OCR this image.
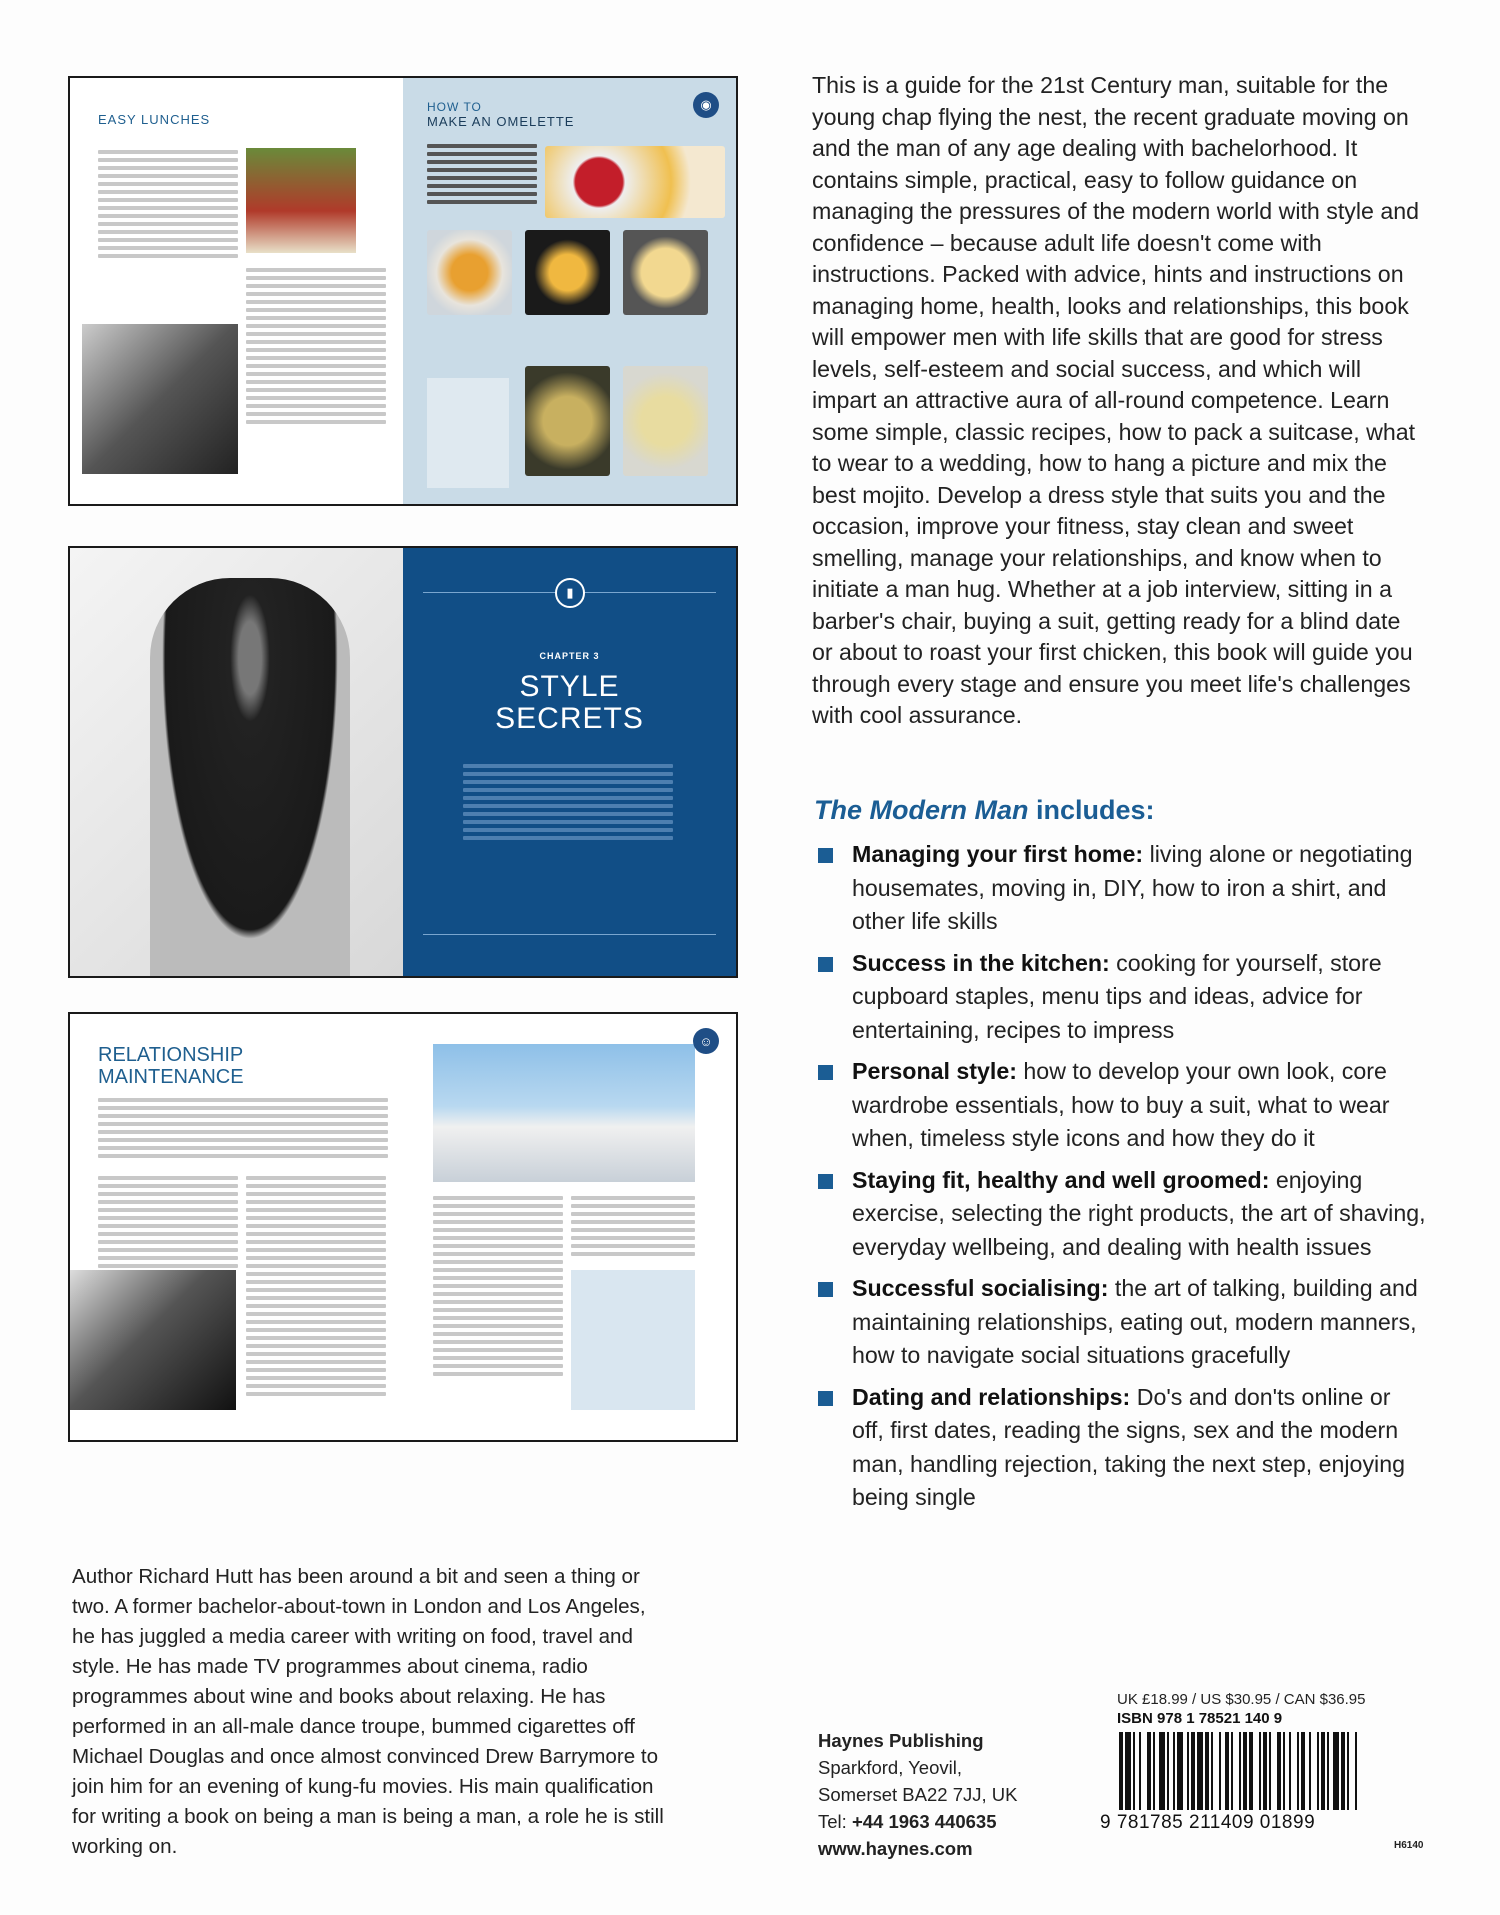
EASY LUNCHES
HOW TO
MAKE AN OMELETTE
◉
▮
CHAPTER 3
STYLE
SECRETS
RELATIONSHIP
MAINTENANCE
☺
This is a guide for the 21st Century man, suitable for the young chap flying the nest, the recent graduate moving on and the man of any age dealing with bachelorhood. It contains simple, practical, easy to follow guidance on managing the pressures of the modern world with style and confidence – because adult life doesn't come with instructions. Packed with advice, hints and instructions on managing home, health, looks and relationships, this book will empower men with life skills that are good for stress levels, self-esteem and social success, and which will impart an attractive aura of all-round competence. Learn some simple, classic recipes, how to pack a suitcase, what to wear to a wedding, how to hang a picture and mix the best mojito. Develop a dress style that suits you and the occasion, improve your fitness, stay clean and sweet smelling, manage your relationships, and know when to initiate a man hug. Whether at a job interview, sitting in a barber's chair, buying a suit, getting ready for a blind date or about to roast your first chicken, this book will guide you through every stage and ensure you meet life's challenges with cool assurance.
The Modern Man includes:
Managing your first home: living alone or negotiating housemates, moving in, DIY, how to iron a shirt, and other life skills
Success in the kitchen: cooking for yourself, store cupboard staples, menu tips and ideas, advice for entertaining, recipes to impress
Personal style: how to develop your own look, core wardrobe essentials, how to buy a suit, what to wear when, timeless style icons and how they do it
Staying fit, healthy and well groomed: enjoying exercise, selecting the right products, the art of shaving, everyday wellbeing, and dealing with health issues
Successful socialising: the art of talking, building and maintaining relationships, eating out, modern manners, how to navigate social situations gracefully
Dating and relationships: Do's and don'ts online or off, first dates, reading the signs, sex and the modern man, handling rejection, taking the next step, enjoying being single
Author Richard Hutt has been around a bit and seen a thing or two. A former bachelor-about-town in London and Los Angeles, he has juggled a media career with writing on food, travel and style. He has made TV programmes about cinema, radio programmes about wine and books about relaxing. He has performed in an all-male dance troupe, bummed cigarettes off Michael Douglas and once almost convinced Drew Barrymore to join him for an evening of kung-fu movies. His main qualification for writing a book on being a man is being a man, a role he is still working on.
Haynes Publishing
Sparkford, Yeovil,
Somerset BA22 7JJ, UK
Tel: +44 1963 440635
www.haynes.com
UK £18.99 / US $30.95 / CAN $36.95
ISBN 978 1 78521 140 9
9 781785 211409 01899
H6140
